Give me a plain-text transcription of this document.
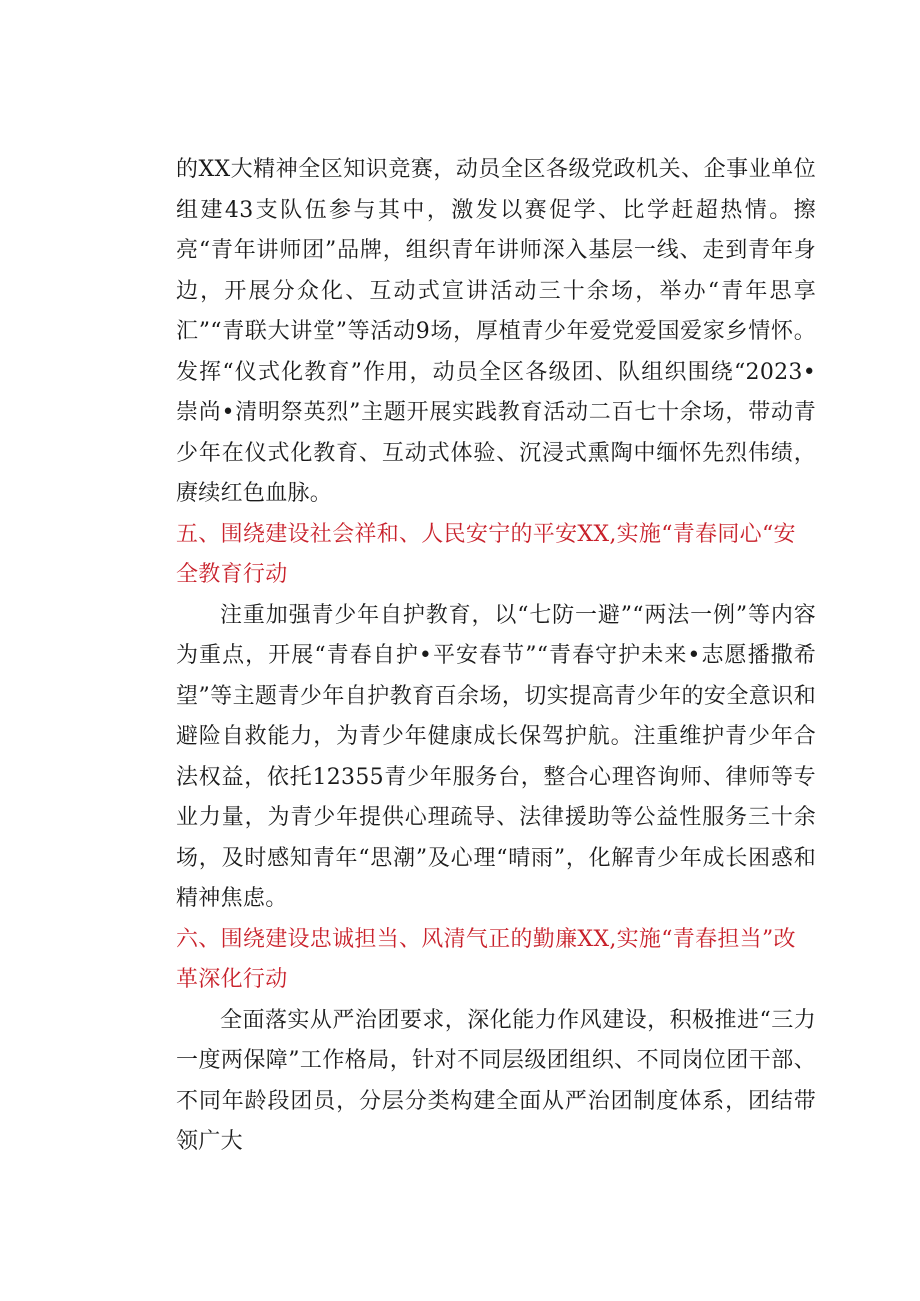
的XX大精神全区知识竞赛，动员全区各级党政机关、企事业单位组建43支队伍参与其中，激发以赛促学、比学赶超热情。擦亮“青年讲师团”品牌，组织青年讲师深入基层一线、走到青年身边，开展分众化、互动式宣讲活动三十余场，举办“青年思享汇”“青联大讲堂”等活动9场，厚植青少年爱党爱国爱家乡情怀。发挥“仪式化教育”作用，动员全区各级团、队组织围绕“2023•崇尚•清明祭英烈”主题开展实践教育活动二百七十余场，带动青少年在仪式化教育、互动式体验、沉浸式熏陶中缅怀先烈伟绩，赓续红色血脉。

五、围绕建设社会祥和、人民安宁的平安XX,实施“青春同心“安全教育行动

注重加强青少年自护教育，以“七防一避”“两法一例”等内容为重点，开展“青春自护•平安春节”“青春守护未来•志愿播撒希望”等主题青少年自护教育百余场，切实提高青少年的安全意识和避险自救能力，为青少年健康成长保驾护航。注重维护青少年合法权益，依托12355青少年服务台，整合心理咨询师、律师等专业力量，为青少年提供心理疏导、法律援助等公益性服务三十余场，及时感知青年“思潮”及心理“晴雨”，化解青少年成长困惑和精神焦虑。

六、围绕建设忠诚担当、风清气正的勤廉XX,实施“青春担当”改革深化行动

全面落实从严治团要求，深化能力作风建设，积极推进“三力一度两保障”工作格局，针对不同层级团组织、不同岗位团干部、不同年龄段团员，分层分类构建全面从严治团制度体系，团结带领广大
